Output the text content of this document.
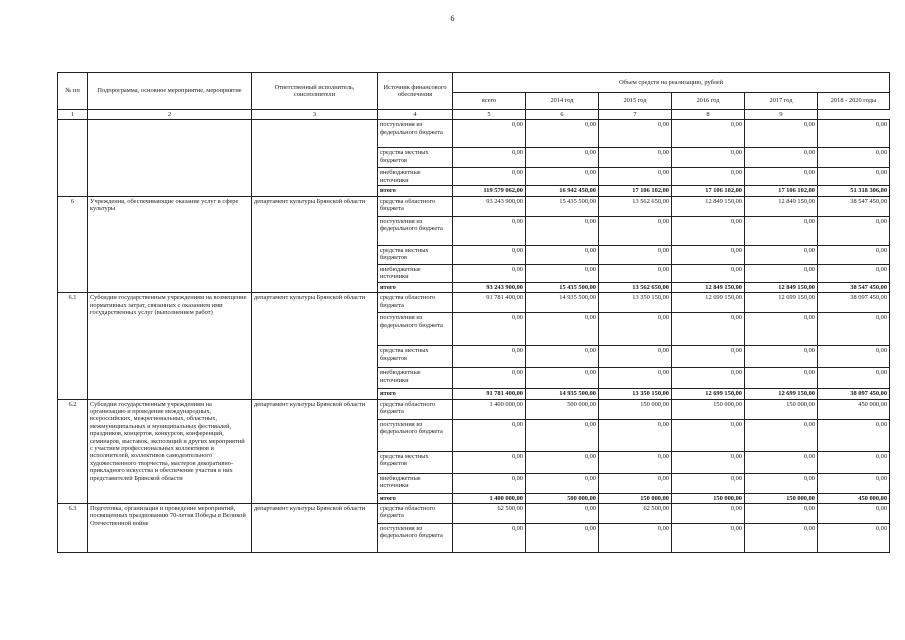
6
№ пп	Подпрограмма, основное мероприятие, мероприятие	Ответственный исполнитель, соисполнители	Источник финансового обеспечения	Объем средств на реализацию, рублей					
				всего	2014 год	2015 год	2016 год	2017 год	2018 - 2020 годы
1	2	3	4	5	6	7	8	9	
			поступления из федерального бюджета	0,00	0,00	0,00	0,00	0,00	0,00
			средства местных бюджетов	0,00	0,00	0,00	0,00	0,00	0,00
			внебюджетные источники	0,00	0,00	0,00	0,00	0,00	0,00
			итого	119 579 062,00	16 942 450,00	17 106 102,00	17 106 102,00	17 106 102,00	51 318 306,00
6	Учреждения, обеспечивающие оказание услуг в сфере культуры	департамент культуры Брянской области	средства областного бюджета	93 243 900,00	15 435 500,00	13 562 650,00	12 849 150,00	12 849 150,00	38 547 450,00
			поступления из федерального бюджета	0,00	0,00	0,00	0,00	0,00	0,00
			средства местных бюджетов	0,00	0,00	0,00	0,00	0,00	0,00
			внебюджетные источники	0,00	0,00	0,00	0,00	0,00	0,00
			итого	93 243 900,00	15 435 500,00	13 562 650,00	12 849 150,00	12 849 150,00	38 547 450,00
6.1	Субсидии государственным учреждениям на возмещение нормативных затрат, связанных с оказанием ими государственных услуг (выполнением работ)	департамент культуры Брянской области	средства областного бюджета	91 781 400,00	14 935 500,00	13 350 150,00	12 699 150,00	12 699 150,00	38 097 450,00
			поступления из федерального бюджета	0,00	0,00	0,00	0,00	0,00	0,00
			средства местных бюджетов	0,00	0,00	0,00	0,00	0,00	0,00
			внебюджетные источники	0,00	0,00	0,00	0,00	0,00	0,00
			итого	91 781 400,00	14 935 500,00	13 350 150,00	12 699 150,00	12 699 150,00	38 097 450,00
6.2	Субсидии государственным учреждениям на организацию и проведение международных, всероссийских, межрегиональных, областных, межмуниципальных и муниципальных фестивалей, праздников, концертов, конкурсов, конференций, семинаров, выставок, экспозиций и других мероприятий с участием профессиональных коллективов и исполнителей, коллективов самодеятельного художественного творчества, мастеров декоративно-прикладного искусства и обеспечение участия в них представителей Брянской области	департамент культуры Брянской области	средства областного бюджета	1 400 000,00	500 000,00	150 000,00	150 000,00	150 000,00	450 000,00
			поступления из федерального бюджета	0,00	0,00	0,00	0,00	0,00	0,00
			средства местных бюджетов	0,00	0,00	0,00	0,00	0,00	0,00
			внебюджетные источники	0,00	0,00	0,00	0,00	0,00	0,00
			итого	1 400 000,00	500 000,00	150 000,00	150 000,00	150 000,00	450 000,00
6.3	Подготовка, организация и проведение мероприятий, посвященных празднованию 70-летия Победы в Великой Отечественной войне	департамент культуры Брянской области	средства областного бюджета	62 500,00	0,00	62 500,00	0,00	0,00	0,00
			поступления из федерального бюджета	0,00	0,00	0,00	0,00	0,00	0,00
